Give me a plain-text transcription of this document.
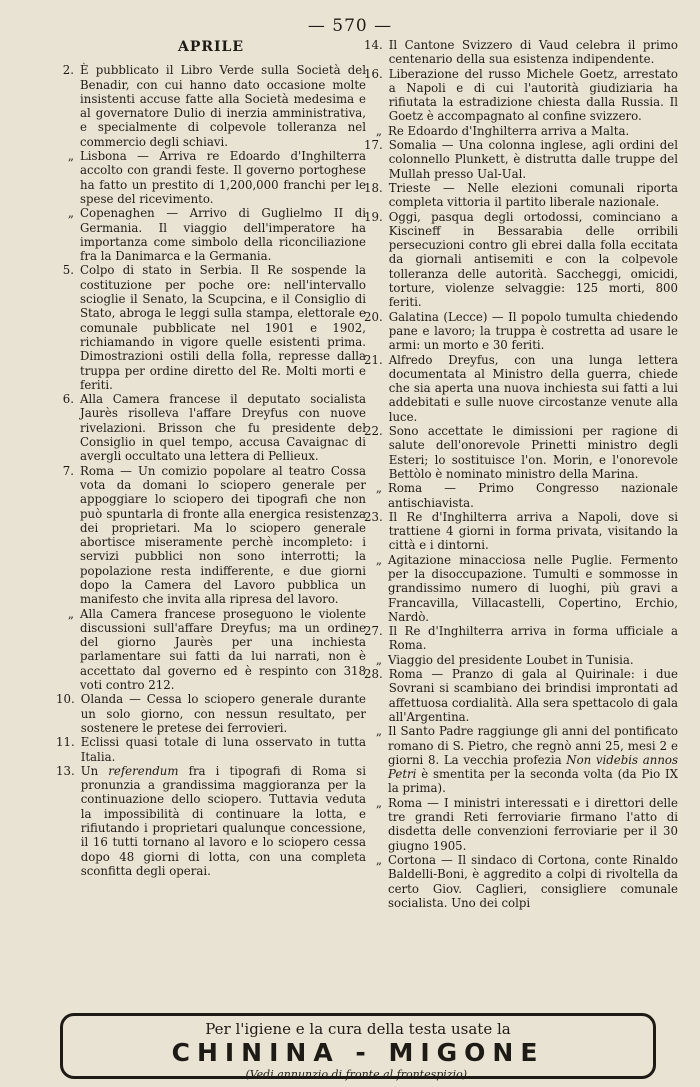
— 570 —
APRILE
2. È pubblicato il Libro Verde sulla Società del Benadir, con cui hanno dato occasione molte insistenti accuse fatte alla Società medesima e al governatore Dulio di inerzia amministrativa, e specialmente di colpevole tolleranza nel commercio degli schiavi.
„ Lisbona — Arriva re Edoardo d'Inghilterra accolto con grandi feste. Il governo portoghese ha fatto un prestito di 1,200,000 franchi per le spese del ricevimento.
„ Copenaghen — Arrivo di Guglielmo II di Germania. Il viaggio dell'imperatore ha importanza come simbolo della riconciliazione fra la Danimarca e la Germania.
5. Colpo di stato in Serbia. Il Re sospende la costituzione per poche ore: nell'intervallo scioglie il Senato, la Scupcina, e il Consiglio di Stato, abroga le leggi sulla stampa, elettorale e comunale pubblicate nel 1901 e 1902, richiamando in vigore quelle esistenti prima. Dimostrazioni ostili della folla, represse dalla truppa per ordine diretto del Re. Molti morti e feriti.
6. Alla Camera francese il deputato socialista Jaurès risolleva l'affare Dreyfus con nuove rivelazioni. Brisson che fu presidente del Consiglio in quel tempo, accusa Cavaignac di avergli occultato una lettera di Pellieux.
7. Roma — Un comizio popolare al teatro Cossa vota da domani lo sciopero generale per appoggiare lo sciopero dei tipografi che non può spuntarla di fronte alla energica resistenza dei proprietari. Ma lo sciopero generale abortisce miseramente perchè incompleto: i servizi pubblici non sono interrotti; la popolazione resta indifferente, e due giorni dopo la Camera del Lavoro pubblica un manifesto che invita alla ripresa del lavoro.
„ Alla Camera francese proseguono le violente discussioni sull'affare Dreyfus; ma un ordine del giorno Jaurès per una inchiesta parlamentare sui fatti da lui narrati, non è accettato dal governo ed è respinto con 318 voti contro 212.
10. Olanda — Cessa lo sciopero generale durante un solo giorno, con nessun resultato, per sostenere le pretese dei ferrovieri.
11. Eclissi quasi totale di luna osservato in tutta Italia.
13. Un referendum fra i tipografi di Roma si pronunzia a grandissima maggioranza per la continuazione dello sciopero. Tuttavia veduta la impossibilità di continuare la lotta, e rifiutando i proprietari qualunque concessione, il 16 tutti tornano al lavoro e lo sciopero cessa dopo 48 giorni di lotta, con una completa sconfitta degli operai.
14. Il Cantone Svizzero di Vaud celebra il primo centenario della sua esistenza indipendente.
16. Liberazione del russo Michele Goetz, arrestato a Napoli e di cui l'autorità giudiziaria ha rifiutata la estradizione chiesta dalla Russia. Il Goetz è accompagnato al confine svizzero.
„ Re Edoardo d'Inghilterra arriva a Malta.
17. Somalia — Una colonna inglese, agli ordini del colonnello Plunkett, è distrutta dalle truppe del Mullah presso Ual-Ual.
18. Trieste — Nelle elezioni comunali riporta completa vittoria il partito liberale nazionale.
19. Oggi, pasqua degli ortodossi, cominciano a Kiscineff in Bessarabia delle orribili persecuzioni contro gli ebrei dalla folla eccitata da giornali antisemiti e con la colpevole tolleranza delle autorità. Saccheggi, omicidi, torture, violenze selvaggie: 125 morti, 800 feriti.
20. Galatina (Lecce) — Il popolo tumulta chiedendo pane e lavoro; la truppa è costretta ad usare le armi: un morto e 30 feriti.
21. Alfredo Dreyfus, con una lunga lettera documentata al Ministro della guerra, chiede che sia aperta una nuova inchiesta sui fatti a lui addebitati e sulle nuove circostanze venute alla luce.
22. Sono accettate le dimissioni per ragione di salute dell'onorevole Prinetti ministro degli Esteri; lo sostituisce l'on. Morin, e l'onorevole Bettòlo è nominato ministro della Marina.
„ Roma — Primo Congresso nazionale antischiavista.
23. Il Re d'Inghilterra arriva a Napoli, dove si trattiene 4 giorni in forma privata, visitando la città e i dintorni.
„ Agitazione minacciosa nelle Puglie. Fermento per la disoccupazione. Tumulti e sommosse in grandissimo numero di luoghi, più gravi a Francavilla, Villacastelli, Copertino, Erchio, Nardò.
27. Il Re d'Inghilterra arriva in forma ufficiale a Roma.
„ Viaggio del presidente Loubet in Tunisia.
28. Roma — Pranzo di gala al Quirinale: i due Sovrani si scambiano dei brindisi improntati ad affettuosa cordialità. Alla sera spettacolo di gala all'Argentina.
„ Il Santo Padre raggiunge gli anni del pontificato romano di S. Pietro, che regnò anni 25, mesi 2 e giorni 8. La vecchia profezia Non videbis annos Petri è smentita per la seconda volta (da Pio IX la prima).
„ Roma — I ministri interessati e i direttori delle tre grandi Reti ferroviarie firmano l'atto di disdetta delle convenzioni ferroviarie per il 30 giugno 1905.
„ Cortona — Il sindaco di Cortona, conte Rinaldo Baldelli-Boni, è aggredito a colpi di rivoltella da certo Giov. Caglieri, consigliere comunale socialista. Uno dei colpi
Per l'igiene e la cura della testa usate la
CHININA - MIGONE
(Vedi annunzio di fronte al frontespizio).
